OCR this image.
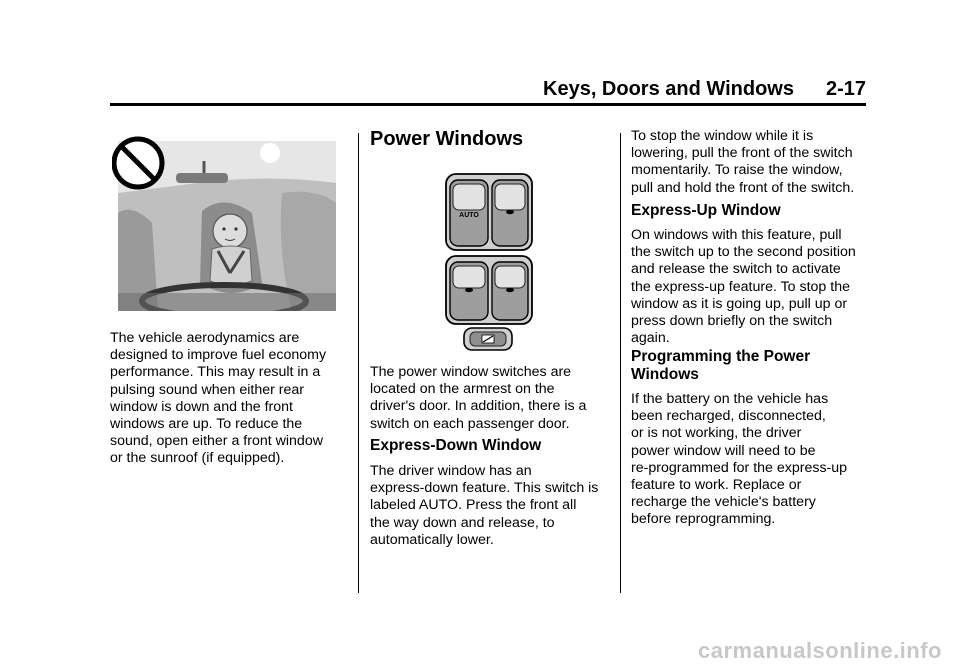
Keys, Doors and Windows 2-17

The vehicle aerodynamics are

designed to improve fuel economy

performance. This may result in a

pulsing sound when either rear

window is down and the front

windows are up. To reduce the

sound, open either a front window

or the sunroof (if equipped).

Power Windows
AUTO

The power window switches are

located on the armrest on the

driver's door. In addition, there is a

switch on each passenger door.

Express-Down Window

The driver window has an

express-down feature. This switch is

labeled AUTO. Press the front all

the way down and release, to

automatically lower.

To stop the window while it is

lowering, pull the front of the switch

momentarily. To raise the window,

pull and hold the front of the switch.

Express-Up Window

On windows with this feature, pull

the switch up to the second position

and release the switch to activate

the express-up feature. To stop the

window as it is going up, pull up or

press down briefly on the switch

again.

Programming the Power
Windows

If the battery on the vehicle has

been recharged, disconnected,

or is not working, the driver

power window will need to be

re-programmed for the express-up

feature to work. Replace or

recharge the vehicle's battery

before reprogramming.

carmanualsonline.info
